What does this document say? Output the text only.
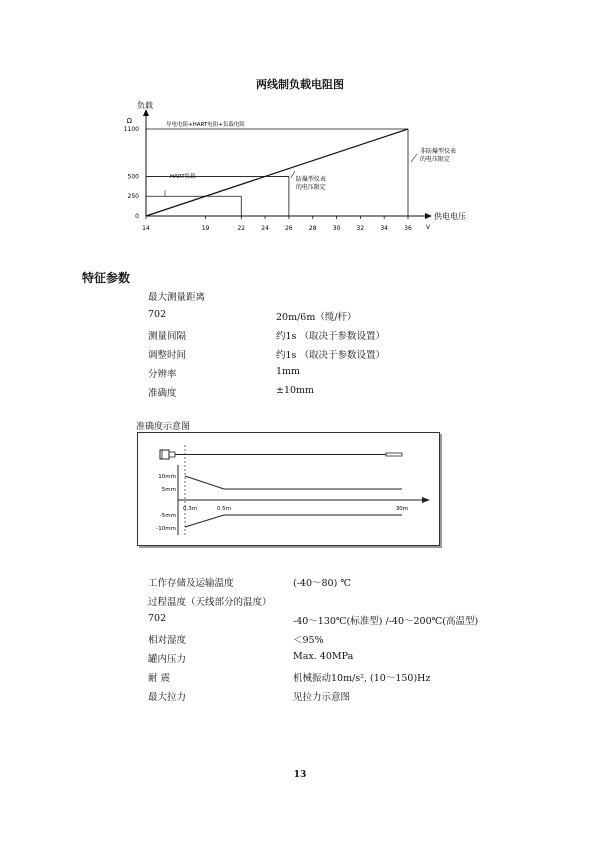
两线制负载电阻图
负载
Ω
V
供电电压
14	19	22	24	26	28	30	32	34	36
0
250
500
1100
导电电阻+HART电阻+负载电阻
HART负载
非防爆型仪表
的电压限定
防爆型仪表
的电压限定
特征参数
最大测量距离
702	20m/6m（缆/杆）
测量间隔	约1s （取决于参数设置）
调整时间	约1s （取决于参数设置）
分辨率	1mm
准确度	±10mm
准确度示意图
10mm
5mm
-5mm
-10mm
0.3m	0.5m	30m
工作存储及运输温度	(-40～80) ℃
过程温度（天线部分的温度）
702	-40～130℃(标准型) /-40～200℃(高温型)
相对湿度	＜95%
罐内压力	Max. 40MPa
耐 震	机械振动10m/s², (10～150)Hz
最大拉力	见拉力示意图
13
